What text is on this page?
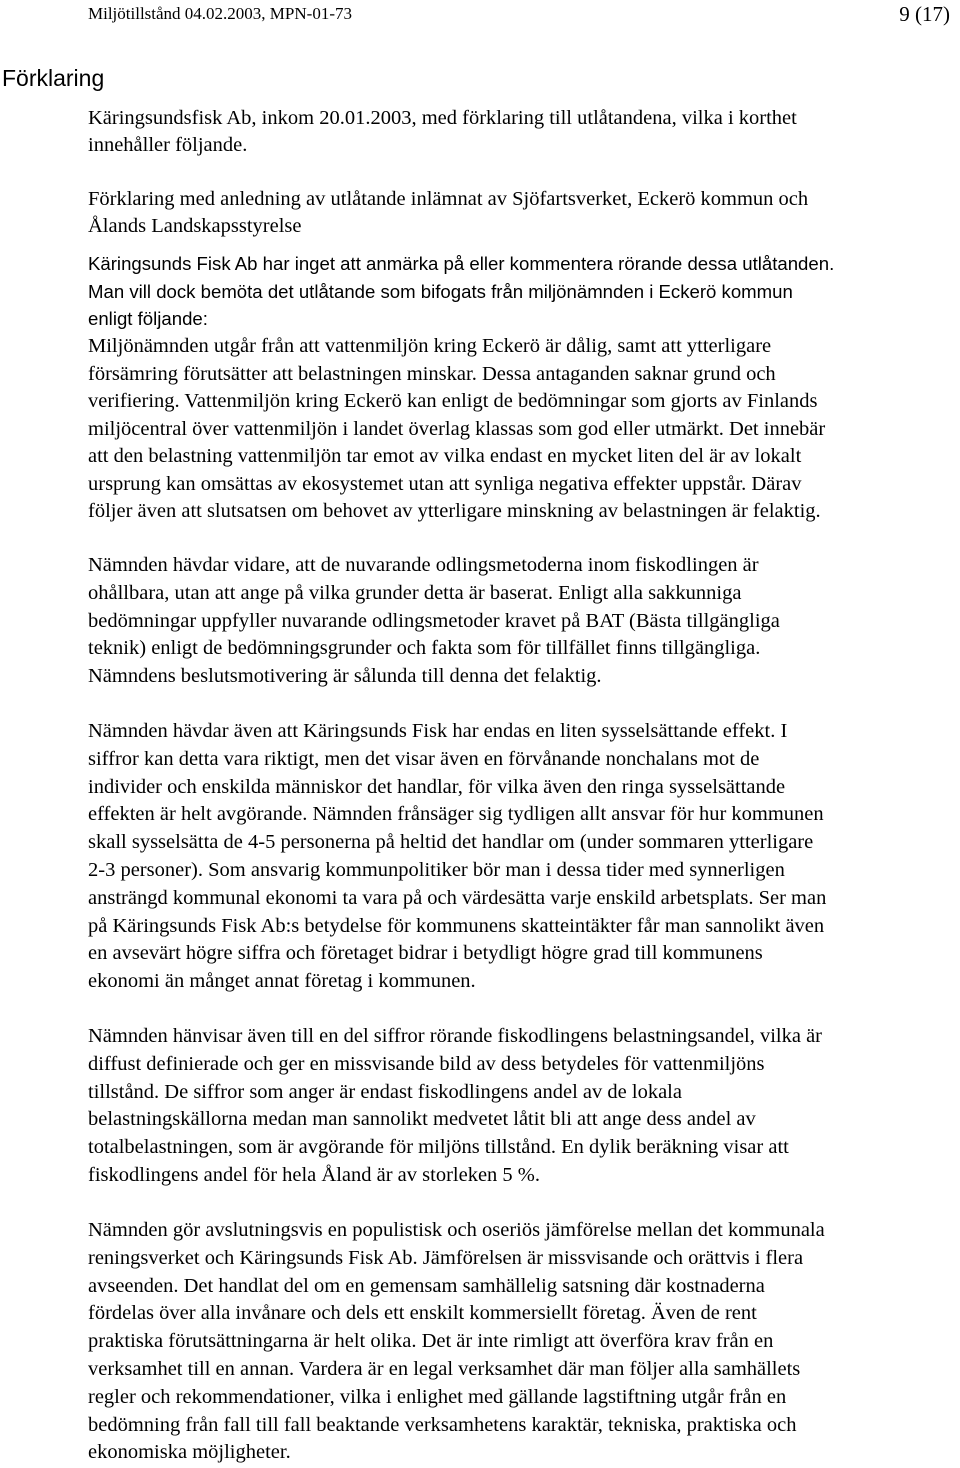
Miljötillstånd 04.02.2003, MPN-01-73	9 (17)
Förklaring
Käringsundsfisk Ab, inkom 20.01.2003, med förklaring till utlåtandena, vilka i korthet
innehåller följande.
Förklaring med anledning av utlåtande inlämnat av Sjöfartsverket, Eckerö kommun och
Ålands Landskapsstyrelse
Käringsunds Fisk Ab har inget att anmärka på eller kommentera rörande dessa utlåtanden.
Man vill dock bemöta det utlåtande som bifogats från miljönämnden i Eckerö kommun
enligt följande:
Miljönämnden utgår från att vattenmiljön kring Eckerö är dålig, samt att ytterligare
försämring förutsätter att belastningen minskar. Dessa antaganden saknar grund och
verifiering. Vattenmiljön kring Eckerö kan enligt de bedömningar som gjorts av Finlands
miljöcentral över vattenmiljön i landet överlag klassas som god eller utmärkt. Det innebär
att den belastning vattenmiljön tar emot av vilka endast en mycket liten del är av lokalt
ursprung kan omsättas av ekosystemet utan att synliga negativa effekter uppstår. Därav
följer även att slutsatsen om behovet av ytterligare minskning av belastningen är felaktig.
Nämnden hävdar vidare, att de nuvarande odlingsmetoderna inom fiskodlingen är
ohållbara, utan att ange på vilka grunder detta är baserat. Enligt alla sakkunniga
bedömningar uppfyller nuvarande odlingsmetoder kravet på BAT (Bästa tillgängliga
teknik) enligt de bedömningsgrunder och fakta som för tillfället finns tillgängliga.
Nämndens beslutsmotivering är sålunda till denna det felaktig.
Nämnden hävdar även att Käringsunds Fisk har endas en liten sysselsättande effekt. I
siffror kan detta vara riktigt, men det visar även en förvånande nonchalans mot de
individer och enskilda människor det handlar, för vilka även den ringa sysselsättande
effekten är helt avgörande. Nämnden frånsäger sig tydligen allt ansvar för hur kommunen
skall sysselsätta de 4-5 personerna på heltid det handlar om (under sommaren ytterligare
2-3 personer). Som ansvarig kommunpolitiker bör man i dessa tider med synnerligen
ansträngd kommunal ekonomi ta vara på och värdesätta varje enskild arbetsplats. Ser man
på Käringsunds Fisk Ab:s betydelse för kommunens skatteintäkter får man sannolikt även
en avsevärt högre siffra och företaget bidrar i betydligt högre grad till kommunens
ekonomi än månget annat företag i kommunen.
Nämnden hänvisar även till en del siffror rörande fiskodlingens belastningsandel, vilka är
diffust definierade och ger en missvisande bild av dess betydeles för vattenmiljöns
tillstånd. De siffror som anger är endast fiskodlingens andel av de lokala
belastningskällorna medan man sannolikt medvetet låtit bli att ange dess andel av
totalbelastningen, som är avgörande för miljöns tillstånd. En dylik beräkning visar att
fiskodlingens andel för hela Åland är av storleken 5 %.
Nämnden gör avslutningsvis en populistisk och oseriös jämförelse mellan det kommunala
reningsverket och Käringsunds Fisk Ab. Jämförelsen är missvisande och orättvis i flera
avseenden. Det handlat del om en gemensam samhällelig satsning där kostnaderna
fördelas över alla invånare och dels ett enskilt kommersiellt företag. Även de rent
praktiska förutsättningarna är helt olika. Det är inte rimligt att överföra krav från en
verksamhet till en annan. Vardera är en legal verksamhet där man följer alla samhällets
regler och rekommendationer, vilka i enlighet med gällande lagstiftning utgår från en
bedömning från fall till fall beaktande verksamhetens karaktär, tekniska, praktiska och
ekonomiska möjligheter.
